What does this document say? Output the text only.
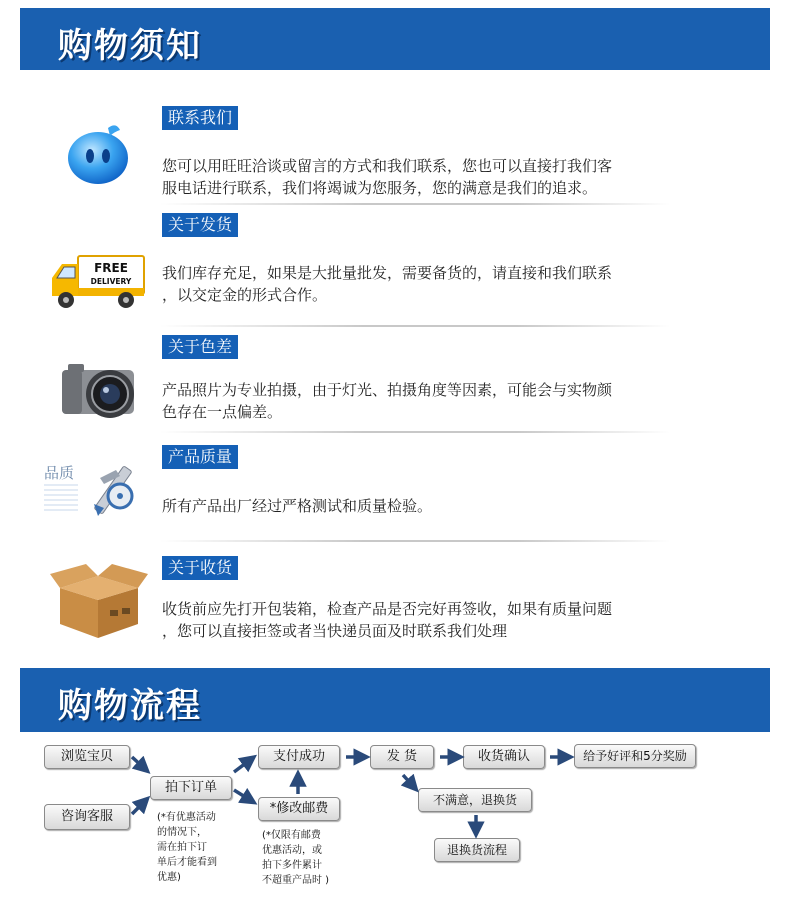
购物须知
联系我们
您可以用旺旺洽谈或留言的方式和我们联系，您也可以直接打我们客
服电话进行联系，我们将竭诚为您服务，您的满意是我们的追求。
关于发货
FREE
DELIVERY 我们库存充足，如果是大批量批发，需要备货的，请直接和我们联系
，以交定金的形式合作。
关于色差
产品照片为专业拍摄，由于灯光、拍摄角度等因素，可能会与实物颜
色存在一点偏差。
产品质量
品质
所有产品出厂经过严格测试和质量检验。
关于收货
收货前应先打开包装箱，检查产品是否完好再签收，如果有质量问题
，您可以直接拒签或者当快递员面及时联系我们处理
购物流程
浏览宝贝
咨询客服
拍下订单
支付成功
*修改邮费
发 货	收货确认	给予好评和5分奖励
不满意，退换货
退换货流程
(*有优惠活动
的情况下，
需在拍下订
单后才能看到
优惠)
(*仅限有邮费
优惠活动，或
拍下多件累计
不超重产品时 )
